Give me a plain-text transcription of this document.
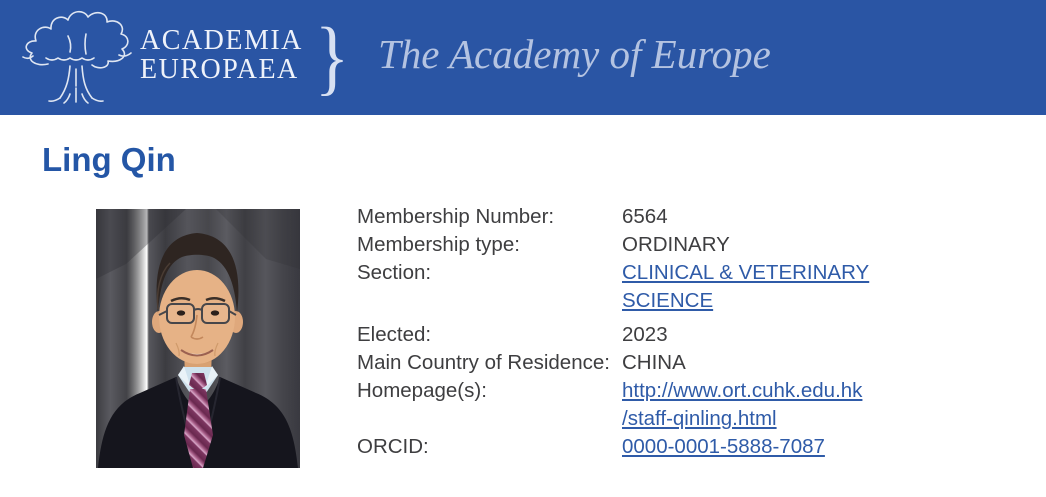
ACADEMIA
EUROPAEA } The Academy of Europe
Ling Qin
Membership Number:	6564
Membership type:	ORDINARY
Section:	CLINICAL & VETERINARY
SCIENCE
Elected:	2023
Main Country of Residence: CHINA
Homepage(s):	http://www.ort.cuhk.edu.hk
/staff-qinling.html
ORCID:	0000-0001-5888-7087
